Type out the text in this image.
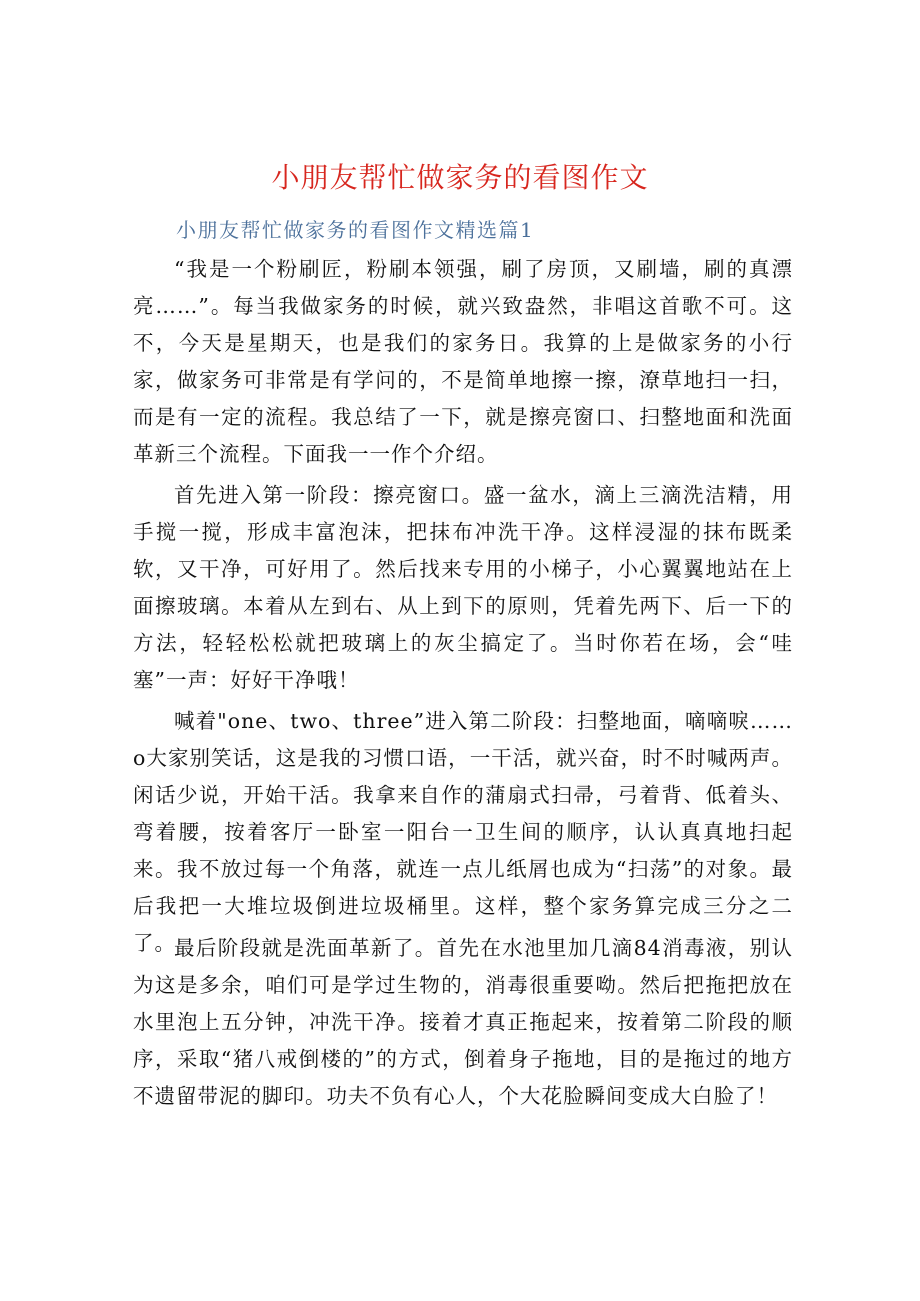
小朋友帮忙做家务的看图作文
小朋友帮忙做家务的看图作文精选篇1

“我是一个粉刷匠，粉刷本领强，刷了房顶，又刷墙，刷的真漂亮……”。每当我做家务的时候，就兴致盎然，非唱这首歌不可。这不，今天是星期天，也是我们的家务日。我算的上是做家务的小行家，做家务可非常是有学问的，不是简单地擦一擦，潦草地扫一扫，而是有一定的流程。我总结了一下，就是擦亮窗口、扫整地面和洗面革新三个流程。下面我一一作个介绍。

首先进入第一阶段：擦亮窗口。盛一盆水，滴上三滴洗洁精，用手搅一搅，形成丰富泡沫，把抹布冲洗干净。这样浸湿的抹布既柔软，又干净，可好用了。然后找来专用的小梯子，小心翼翼地站在上面擦玻璃。本着从左到右、从上到下的原则，凭着先两下、后一下的方法，轻轻松松就把玻璃上的灰尘搞定了。当时你若在场，会“哇塞”一声：好好干净哦！

喊着"one、two、three”进入第二阶段：扫整地面，嘀嘀唳……o大家别笑话，这是我的习惯口语，一干活，就兴奋，时不时喊两声。闲话少说，开始干活。我拿来自作的蒲扇式扫帚，弓着背、低着头、弯着腰，按着客厅一卧室一阳台一卫生间的顺序，认认真真地扫起来。我不放过每一个角落，就连一点儿纸屑也成为“扫荡”的对象。最后我把一大堆垃圾倒进垃圾桶里。这样，整个家务算完成三分之二了。

最后阶段就是洗面革新了。首先在水池里加几滴84消毒液，别认为这是多余，咱们可是学过生物的，消毒很重要呦。然后把拖把放在水里泡上五分钟，冲洗干净。接着才真正拖起来，按着第二阶段的顺序，采取“猪八戒倒楼的”的方式，倒着身子拖地，目的是拖过的地方不遗留带泥的脚印。功夫不负有心人，个大花脸瞬间变成大白脸了！
